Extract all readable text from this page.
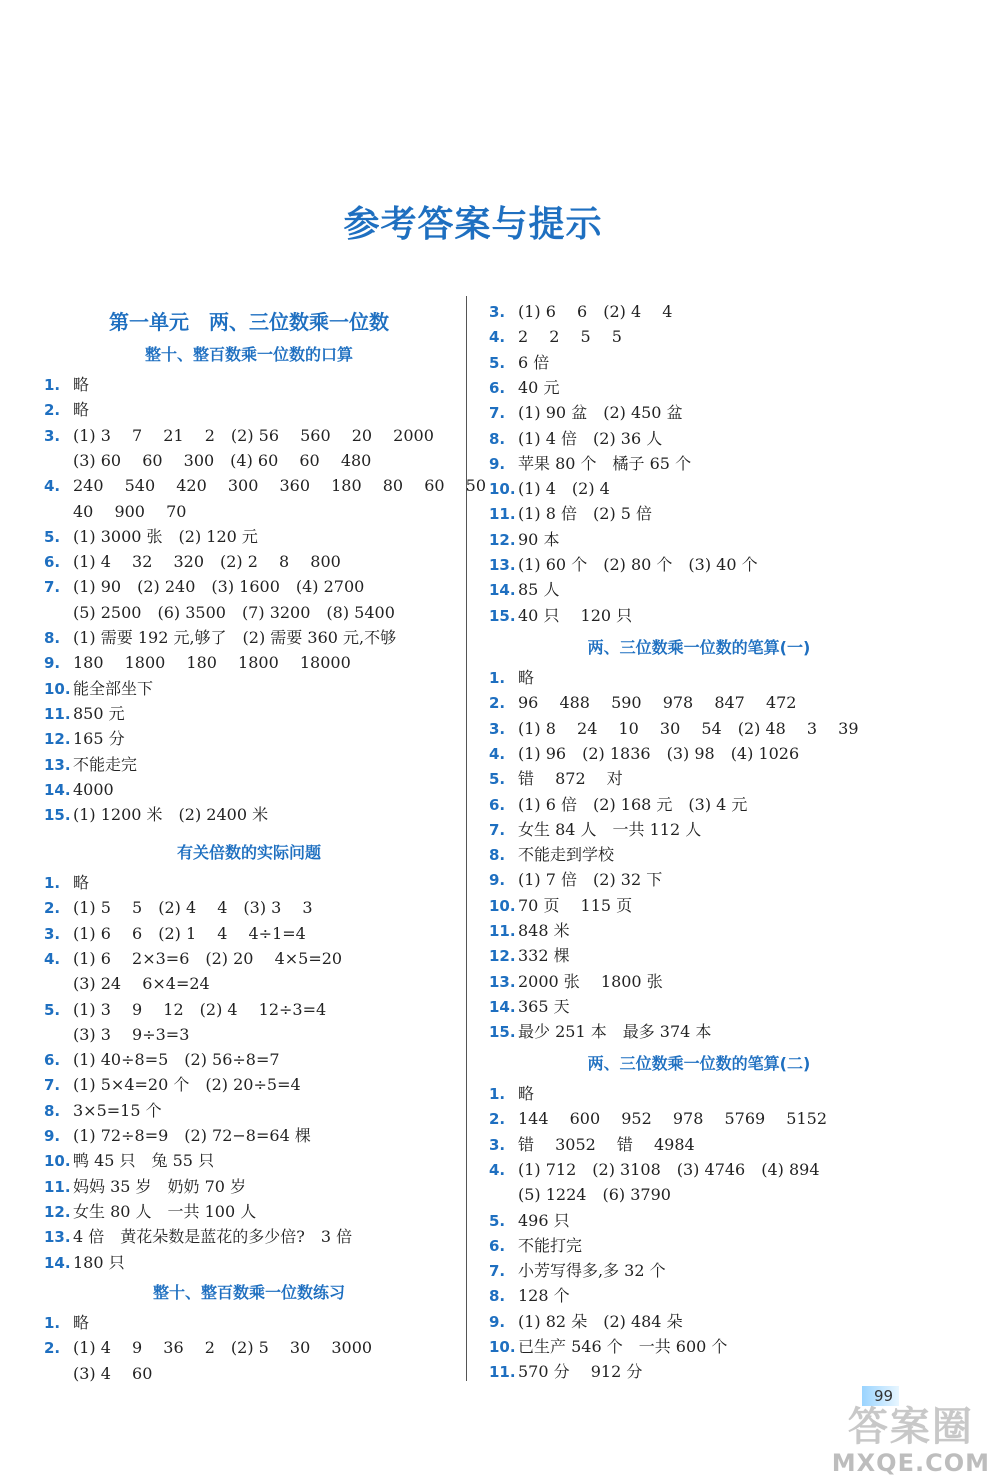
参考答案与提示
第一单元　两、三位数乘一位数
整十、整百数乘一位数的口算
1. 略
2. 略
3. (1) 3　 7　 21　 2　(2) 56　 560　 20　 2000
(3) 60　 60　 300　(4) 60　 60　 480
4. 240　 540　 420　 300　 360　 180　 80　 60　 50
40　 900　 70
5. (1) 3000 张　(2) 120 元
6. (1) 4　 32　 320　(2) 2　 8　 800
7. (1) 90　(2) 240　(3) 1600　(4) 2700
(5) 2500　(6) 3500　(7) 3200　(8) 5400
8. (1) 需要 192 元,够了　(2) 需要 360 元,不够
9. 180　 1800　 180　 1800　 18000
10. 能全部坐下
11. 850 元
12. 165 分
13. 不能走完
14. 4000
15. (1) 1200 米　(2) 2400 米
有关倍数的实际问题
1. 略
2. (1) 5　 5　(2) 4　 4　(3) 3　 3
3. (1) 6　 6　(2) 1　 4　 4÷1=4
4. (1) 6　 2×3=6　(2) 20　 4×5=20
(3) 24　 6×4=24
5. (1) 3　 9　 12　(2) 4　 12÷3=4
(3) 3　 9÷3=3
6. (1) 40÷8=5　(2) 56÷8=7
7. (1) 5×4=20 个　(2) 20÷5=4
8. 3×5=15 个
9. (1) 72÷8=9　(2) 72−8=64 棵
10. 鸭 45 只　兔 55 只
11. 妈妈 35 岁　奶奶 70 岁
12. 女生 80 人　一共 100 人
13. 4 倍　黄花朵数是蓝花的多少倍?　3 倍
14. 180 只
整十、整百数乘一位数练习
1. 略
2. (1) 4　 9　 36　 2　(2) 5　 30　 3000
(3) 4　 60
3. (1) 6　 6　(2) 4　 4
4. 2　 2　 5　 5
5. 6 倍
6. 40 元
7. (1) 90 盆　(2) 450 盆
8. (1) 4 倍　(2) 36 人
9. 苹果 80 个　橘子 65 个
10. (1) 4　(2) 4
11. (1) 8 倍　(2) 5 倍
12. 90 本
13. (1) 60 个　(2) 80 个　(3) 40 个
14. 85 人
15. 40 只　 120 只
两、三位数乘一位数的笔算(一)
1. 略
2. 96　 488　 590　 978　 847　 472
3. (1) 8　 24　 10　 30　 54　(2) 48　 3　 39
4. (1) 96　(2) 1836　(3) 98　(4) 1026
5. 错　 872　 对
6. (1) 6 倍　(2) 168 元　(3) 4 元
7. 女生 84 人　一共 112 人
8. 不能走到学校
9. (1) 7 倍　(2) 32 下
10. 70 页　 115 页
11. 848 米
12. 332 棵
13. 2000 张　 1800 张
14. 365 天
15. 最少 251 本　最多 374 本
两、三位数乘一位数的笔算(二)
1. 略
2. 144　 600　 952　 978　 5769　 5152
3. 错　 3052　 错　 4984
4. (1) 712　(2) 3108　(3) 4746　(4) 894
(5) 1224　(6) 3790
5. 496 只
6. 不能打完
7. 小芳写得多,多 32 个
8. 128 个
9. (1) 82 朵　(2) 484 朵
10. 已生产 546 个　一共 600 个
11. 570 分　 912 分
99
答案圈
MXQE.COM
